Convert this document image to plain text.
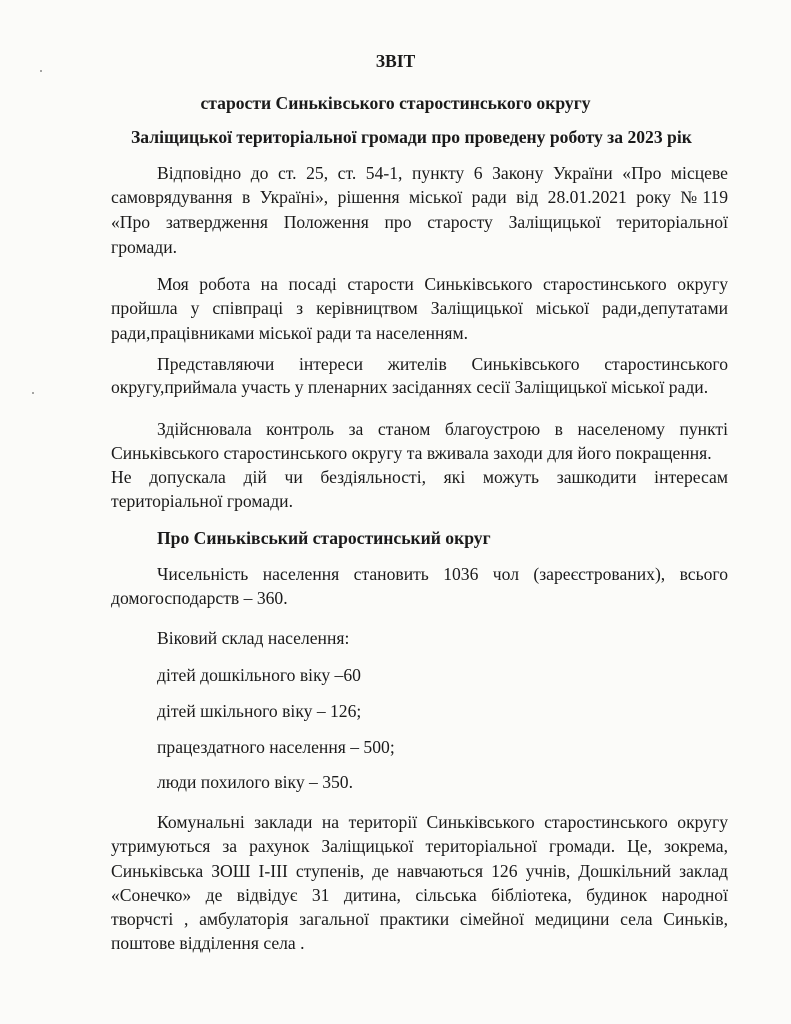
ЗВІТ
старости Синьківського старостинського округу
Заліщицької територіальної громади про проведену роботу за 2023 рік
Відповідно до ст. 25, ст. 54-1, пункту 6 Закону України «Про місцеве
самоврядування в Україні», рішення міської ради від 28.01.2021 року №119
«Про затвердження Положення про старосту Заліщицької територіальної
громади.
Моя робота на посаді старости Синьківського старостинського округу
пройшла у співпраці з керівництвом Заліщицької міської ради,депутатами
ради,працівниками міської ради та населенням.
Представляючи інтереси жителів Синьківського старостинського
округу,приймала участь у пленарних засіданнях сесії Заліщицької міської ради.
Здійснювала контроль за станом благоустрою в населеному пункті
Синьківського старостинського округу та вживала заходи для його покращення.
Не допускала дій чи бездіяльності, які можуть зашкодити інтересам
територіальної громади.
Про Синьківський старостинський округ
Чисельність населення становить 1036 чол (зареєстрованих), всього
домогосподарств – 360.
Віковий склад населення:
дітей дошкільного віку –60
дітей шкільного віку – 126;
працездатного населення – 500;
люди похилого віку – 350.
Комунальні заклади на території Синьківського старостинського округу
утримуються за рахунок Заліщицької територіальної громади. Це, зокрема,
Синьківська ЗОШ І-ІІІ ступенів, де навчаються 126 учнів, Дошкільний заклад
«Сонечко» де відвідує 31 дитина, сільська бібліотека, будинок народної
творчсті , амбулаторія загальної практики сімейної медицини села Синьків,
поштове відділення села .
